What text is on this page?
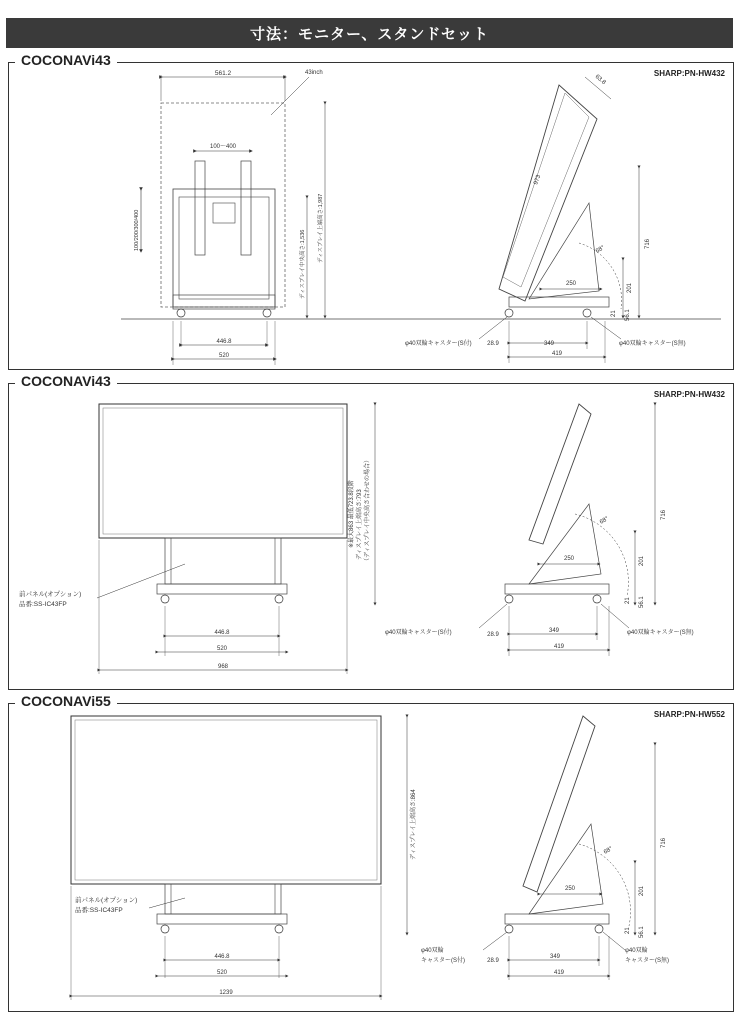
寸法：モニター、スタンドセット
561.2	43inch
100～400
100/200/300/400	ディスプレイ中央高さ:1,536
ディスプレイ上端高さ:1,987
446.8
520
973
63.8
68°
250
716
201
21 56.1
28.9	349
419
φ40双輪キャスター(S付)	φ40双輪キャスター(S無)
COCONAVi43
SHARP:PN-HW432
前パネル(オプション)
品番:SS-IC43FP
ディスプレイ上端高さ:793 （ディスプレイ中央高さ合わせの場合）
※最大863 最低723.8段階
446.8
520
968
68°
250
716
201
21 56.1
28.9
349
419
φ40双輪キャスター(S付)	φ40双輪キャスター(S無)
COCONAVi43
SHARP:PN-HW432
前パネル(オプション)
品番:SS-IC43FP
ディスプレイ上端高さ:864
446.8
520
1239
68°
250
716
201
21 56.1
28.9
349
419
φ40双輪
キャスター(S付)
φ40双輪
キャスター(S無)
COCONAVi55
SHARP:PN-HW552
